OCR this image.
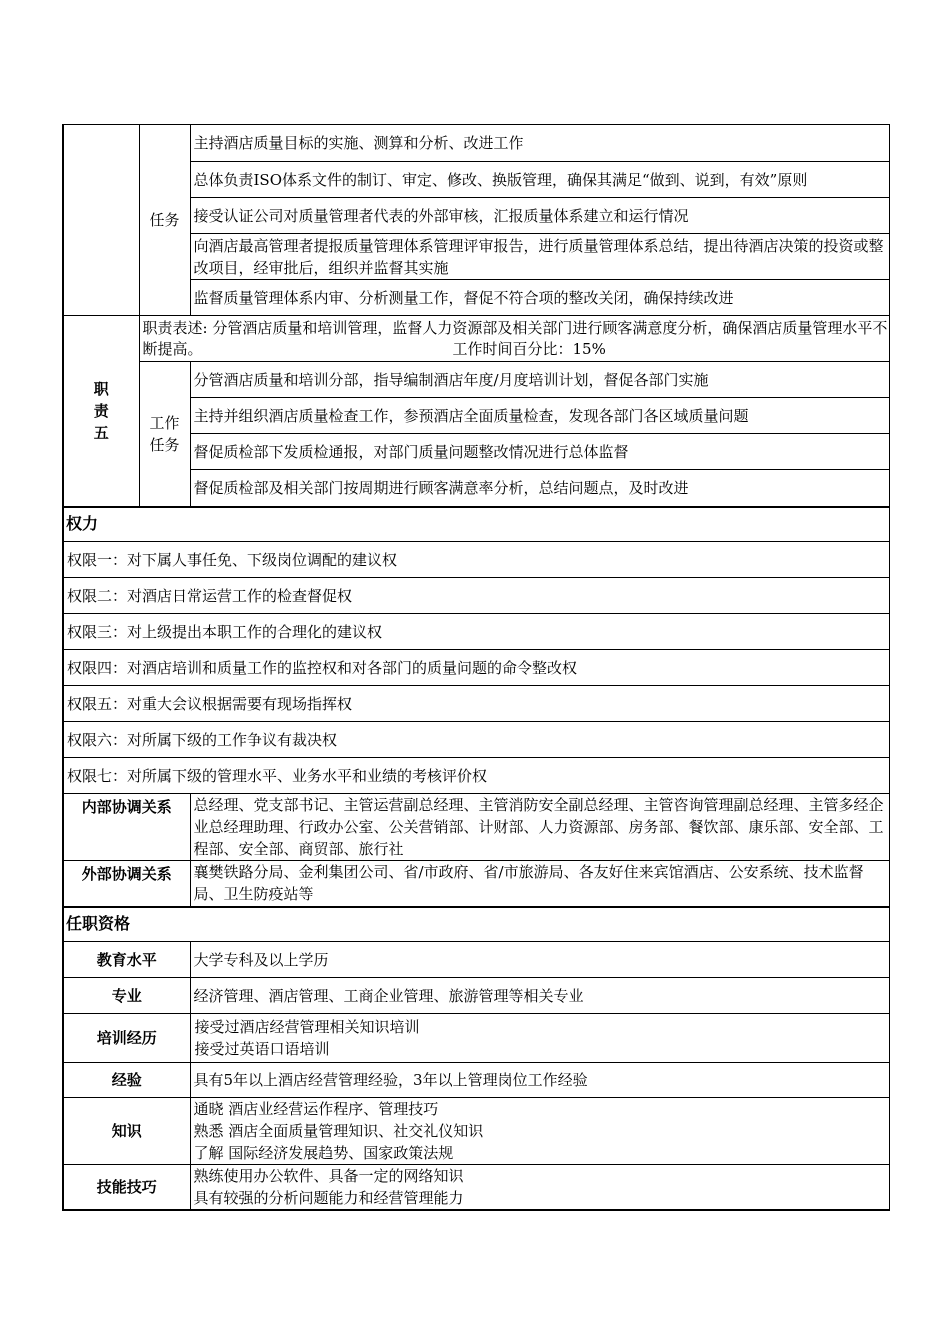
	任务	主持酒店质量目标的实施、测算和分析、改进工作
		总体负责ISO体系文件的制订、审定、修改、换版管理，确保其满足“做到、说到，有效”原则
		接受认证公司对质量管理者代表的外部审核，汇报质量体系建立和运行情况
		向酒店最高管理者提报质量管理体系管理评审报告，进行质量管理体系总结，提出待酒店决策的投资或整改项目，经审批后，组织并监督其实施
		监督质量管理体系内审、分析测量工作，督促不符合项的整改关闭，确保持续改进

职
责
五	职责表述: 分管酒店质量和培训管理，监督人力资源部及相关部门进行顾客满意度分析，确保酒店质量管理水平不断提高。 工作时间百分比：15%	

	工作
任务	分管酒店质量和培训分部，指导编制酒店年度/月度培训计划，督促各部门实施
		主持并组织酒店质量检查工作，参预酒店全面质量检查，发现各部门各区域质量问题
		督促质检部下发质检通报，对部门质量问题整改情况进行总体监督
		督促质检部及相关部门按周期进行顾客满意率分析，总结问题点，及时改进
权力		
权限一：对下属人事任免、下级岗位调配的建议权		
权限二：对酒店日常运营工作的检查督促权		
权限三：对上级提出本职工作的合理化的建议权		
权限四：对酒店培训和质量工作的监控权和对各部门的质量问题的命令整改权		
权限五：对重大会议根据需要有现场指挥权		
权限六：对所属下级的工作争议有裁决权		
权限七：对所属下级的管理水平、业务水平和业绩的考核评价权		
内部协调关系		总经理、党支部书记、主管运营副总经理、主管消防安全副总经理、主管咨询管理副总经理、主管多经企业总经理助理、行政办公室、公关营销部、计财部、人力资源部、房务部、餐饮部、康乐部、安全部、工程部、安全部、商贸部、旅行社
外部协调关系		襄樊铁路分局、金利集团公司、省/市政府、省/市旅游局、各友好住来宾馆酒店、公安系统、技术监督局、卫生防疫站等
任职资格		
教育水平		大学专科及以上学历
专业		经济管理、酒店管理、工商企业管理、旅游管理等相关专业
培训经历		接受过酒店经营管理相关知识培训
接受过英语口语培训

经验		具有5年以上酒店经营管理经验，3年以上管理岗位工作经验
知识		通晓 酒店业经营运作程序、管理技巧
熟悉 酒店全面质量管理知识、社交礼仪知识
了解 国际经济发展趋势、国家政策法规

技能技巧		熟练使用办公软件、具备一定的网络知识
具有较强的分析问题能力和经营管理能力
